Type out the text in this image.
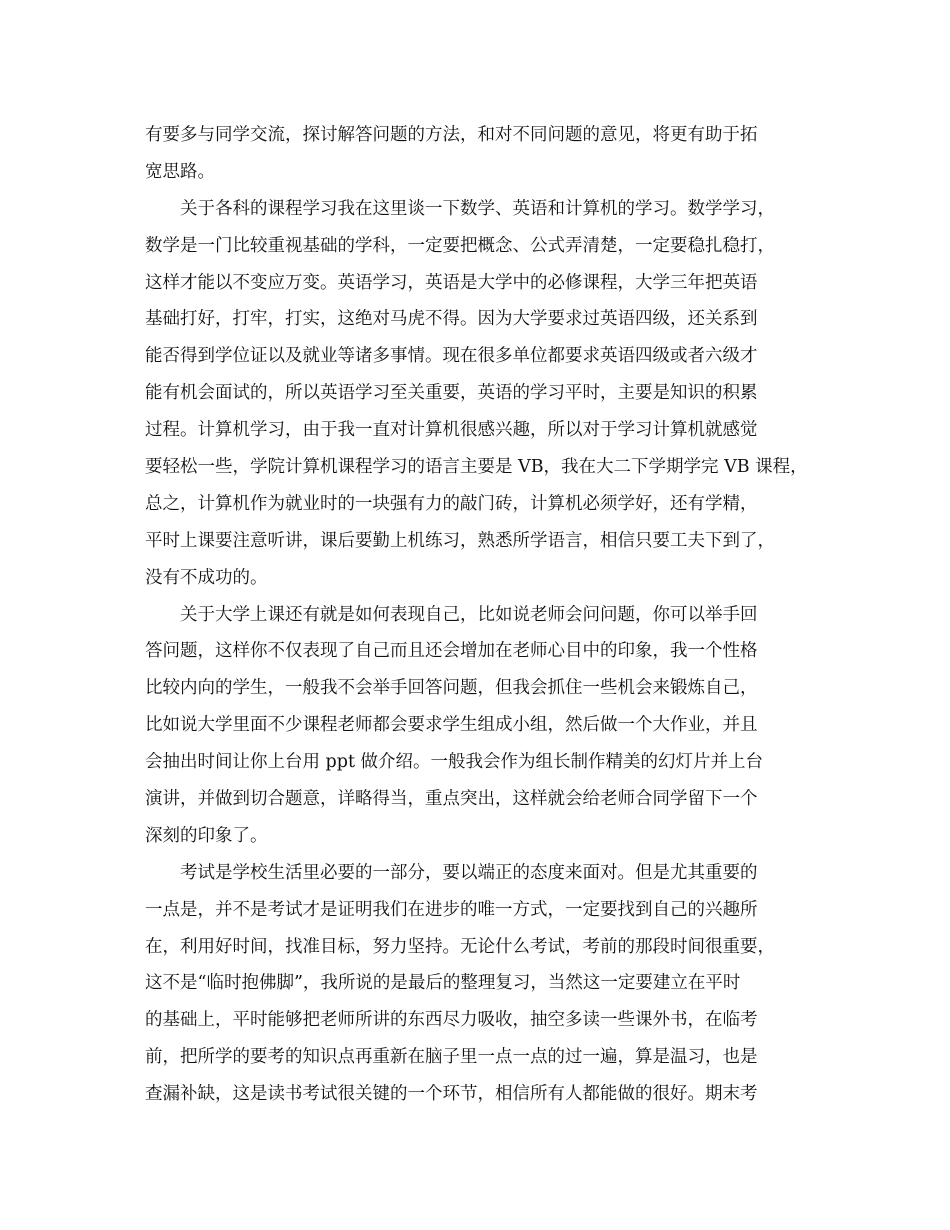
有要多与同学交流，探讨解答问题的方法，和对不同问题的意见，将更有助于拓
宽思路。
关于各科的课程学习我在这里谈一下数学、英语和计算机的学习。数学学习，
数学是一门比较重视基础的学科，一定要把概念、公式弄清楚，一定要稳扎稳打，
这样才能以不变应万变。英语学习，英语是大学中的必修课程，大学三年把英语
基础打好，打牢，打实，这绝对马虎不得。因为大学要求过英语四级，还关系到
能否得到学位证以及就业等诸多事情。现在很多单位都要求英语四级或者六级才
能有机会面试的，所以英语学习至关重要，英语的学习平时，主要是知识的积累
过程。计算机学习，由于我一直对计算机很感兴趣，所以对于学习计算机就感觉
要轻松一些，学院计算机课程学习的语言主要是 VB，我在大二下学期学完 VB 课程，
总之，计算机作为就业时的一块强有力的敲门砖，计算机必须学好，还有学精，
平时上课要注意听讲，课后要勤上机练习，熟悉所学语言，相信只要工夫下到了，
没有不成功的。
关于大学上课还有就是如何表现自己，比如说老师会问问题，你可以举手回
答问题，这样你不仅表现了自己而且还会增加在老师心目中的印象，我一个性格
比较内向的学生，一般我不会举手回答问题，但我会抓住一些机会来锻炼自己，
比如说大学里面不少课程老师都会要求学生组成小组，然后做一个大作业，并且
会抽出时间让你上台用 ppt 做介绍。一般我会作为组长制作精美的幻灯片并上台
演讲，并做到切合题意，详略得当，重点突出，这样就会给老师合同学留下一个
深刻的印象了。
考试是学校生活里必要的一部分，要以端正的态度来面对。但是尤其重要的
一点是，并不是考试才是证明我们在进步的唯一方式，一定要找到自己的兴趣所
在，利用好时间，找准目标，努力坚持。无论什么考试，考前的那段时间很重要，
这不是“临时抱佛脚”，我所说的是最后的整理复习，当然这一定要建立在平时
的基础上，平时能够把老师所讲的东西尽力吸收，抽空多读一些课外书，在临考
前，把所学的要考的知识点再重新在脑子里一点一点的过一遍，算是温习，也是
查漏补缺，这是读书考试很关键的一个环节，相信所有人都能做的很好。期末考
